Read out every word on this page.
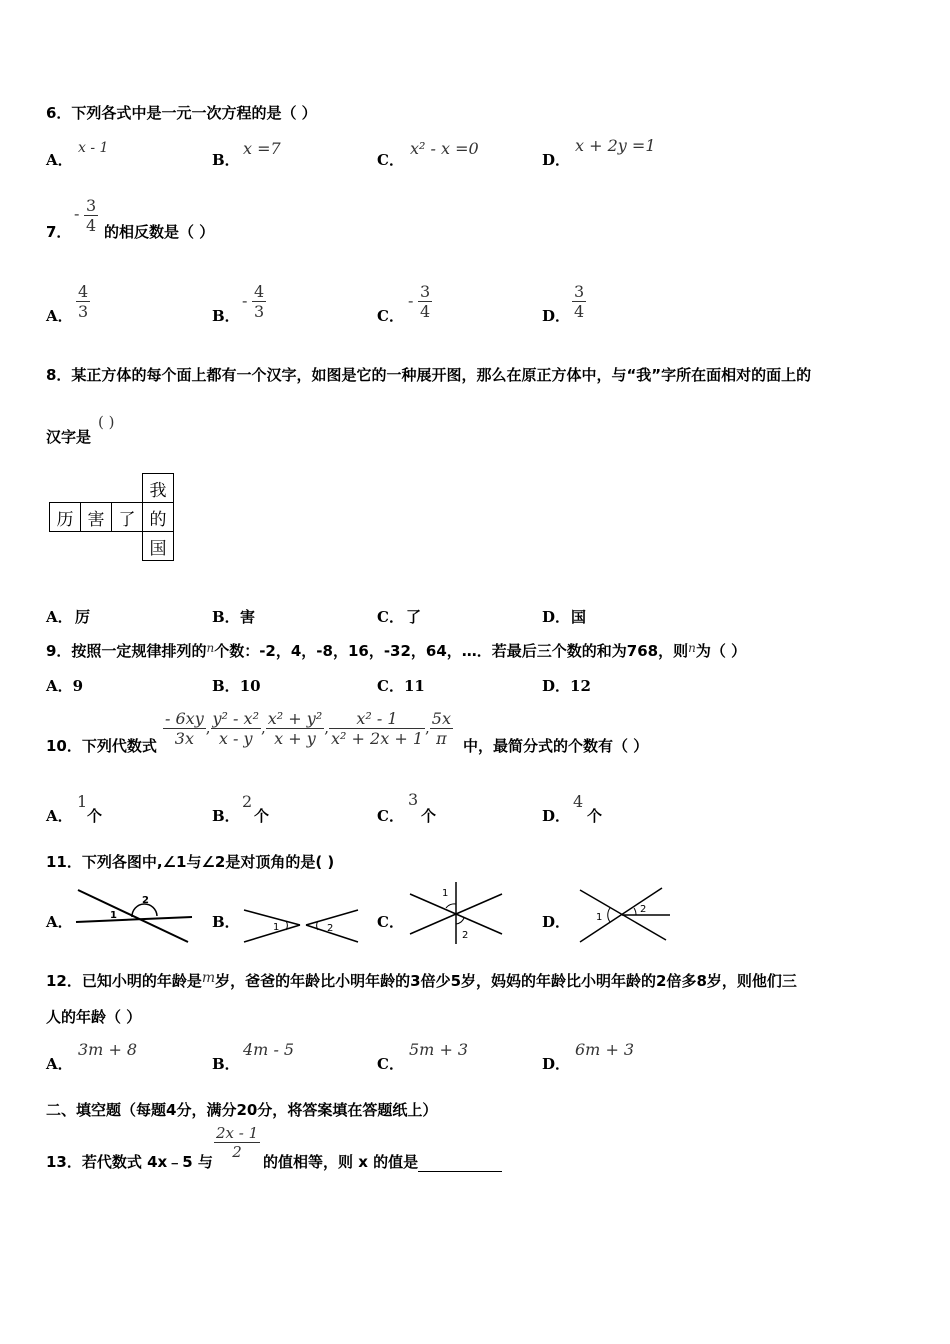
6．下列各式中是一元一次方程的是（ ）
A．
x - 1
B．
x =7
C．
x² - x =0
D．
x + 2y =1
7．
- $\frac{3}{4}$ 的相反数是（ ）
A． $\frac{4}{3}$	B．
- $\frac{4}{3}$	C．
- $\frac{3}{4}$	D． $\frac{3}{4}$
8．某正方体的每个面上都有一个汉字，如图是它的一种展开图，那么在原正方体中，与“我”字所在面相对的面上的
汉字是
( )
			我
历	害	了	的
			国
A． 厉	B． 害	C． 了	D． 国
9．按照一定规律排列的$^n$个数：-2，4，-8，16，-32，64，…．若最后三个数的和为768，则$^n$为（ ）
A．9	B．10	C．11	D．12
10．下列代数式 $\frac{- 6xy}{3x}$ , $\frac{\text{y² - x²}}{x - y}$ , $\frac{\text{x² + y²}}{x + y}$ , $\frac{\text{x² - 1}}{\text{x² + 2x + 1}}$ , $\frac{5x}{\pi}$ 中，最简分式的个数有（ ）
A．
1
个	B．
2
个	C．
3
个	D．
4
个
11．下列各图中,∠1与∠2是对顶角的是( )
A．	1
2
B．	1	2	C．
1
2
D．	1
2
12．已知小明的年龄是m岁，爸爸的年龄比小明年龄的3倍少5岁，妈妈的年龄比小明年龄的2倍多8岁，则他们三
人的年龄（ ）
A．
3m + 8
B．
4m - 5
C．
5m + 3
D．
6m + 3
二、填空题（每题4分，满分20分，将答案填在答题纸上）
13．若代数式 4x﹣5 与
$\frac{2x - 1}{2}$
的值相等，则 x 的值是
